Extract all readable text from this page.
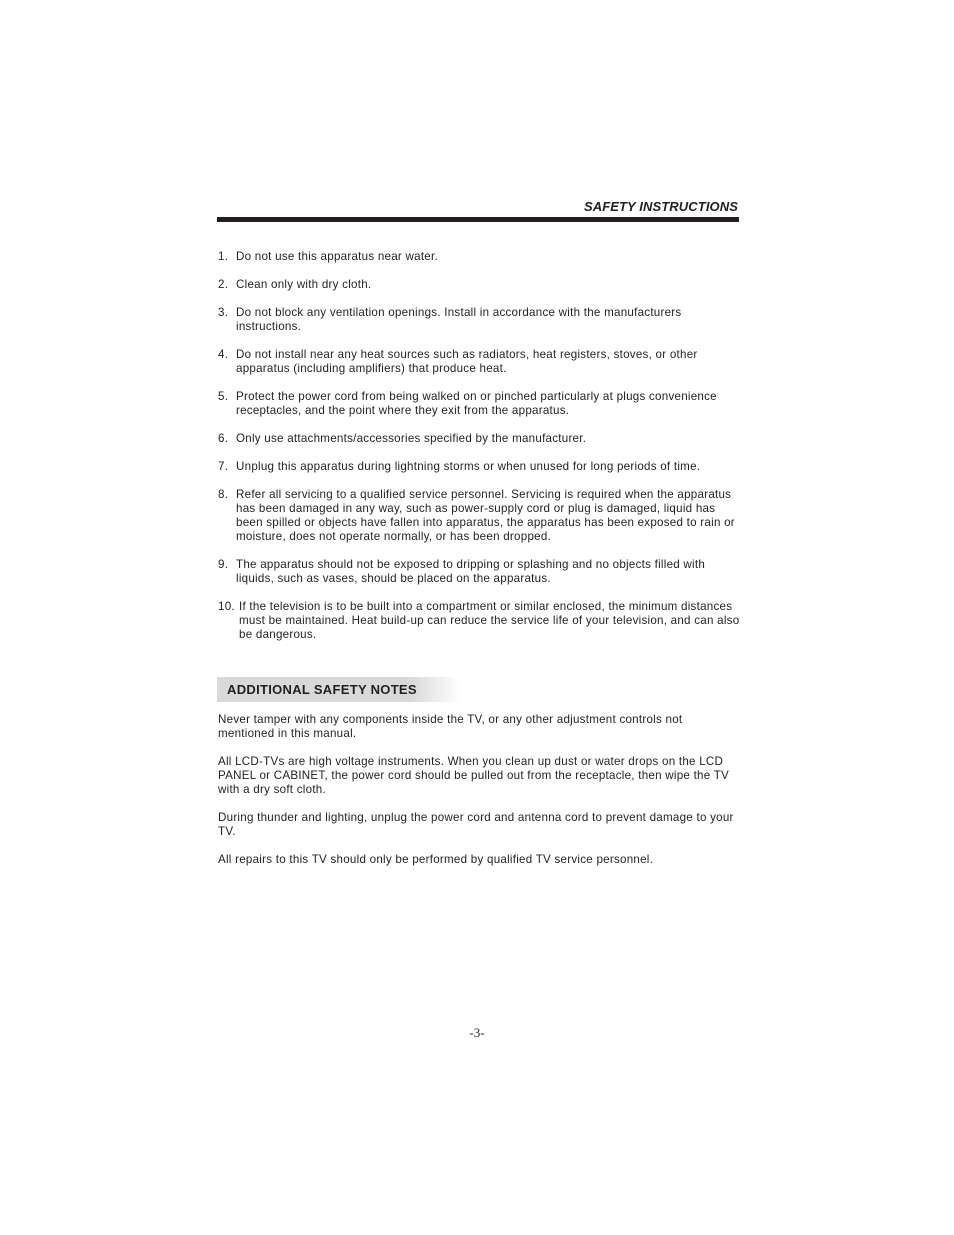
SAFETY INSTRUCTIONS
1. Do not use this apparatus near water.
2. Clean only with dry cloth.
3. Do not block any ventilation openings. Install in accordance with the manufacturers instructions.
4. Do not install near any heat sources such as radiators, heat registers, stoves, or other apparatus (including amplifiers) that produce heat.
5. Protect the power cord from being walked on or pinched particularly at plugs convenience receptacles, and the point where they exit from the apparatus.
6. Only use attachments/accessories specified by the manufacturer.
7. Unplug this apparatus during lightning storms or when unused for long periods of time.
8. Refer all servicing to a qualified service personnel. Servicing is required when the apparatus has been damaged in any way, such as power-supply cord or plug is damaged, liquid has been spilled or objects have fallen into apparatus, the apparatus has been exposed to rain or moisture, does not operate normally, or has been dropped.
9. The apparatus should not be exposed to dripping or splashing and no objects filled with liquids, such as vases, should be placed on the apparatus.
10. If the television is to be built into a compartment or similar enclosed, the minimum distances must be maintained. Heat build-up can reduce the service life of your television, and can also be dangerous.
ADDITIONAL SAFETY NOTES

Never tamper with any components inside the TV, or any other adjustment controls not mentioned in this manual.

All LCD-TVs are high voltage instruments. When you clean up dust or water drops on the LCD PANEL or CABINET, the power cord should be pulled out from the receptacle, then wipe the TV with a dry soft cloth.

During thunder and lighting, unplug the power cord and antenna cord to prevent damage to your TV.

All repairs to this TV should only be performed by qualified TV service personnel.

-3-
